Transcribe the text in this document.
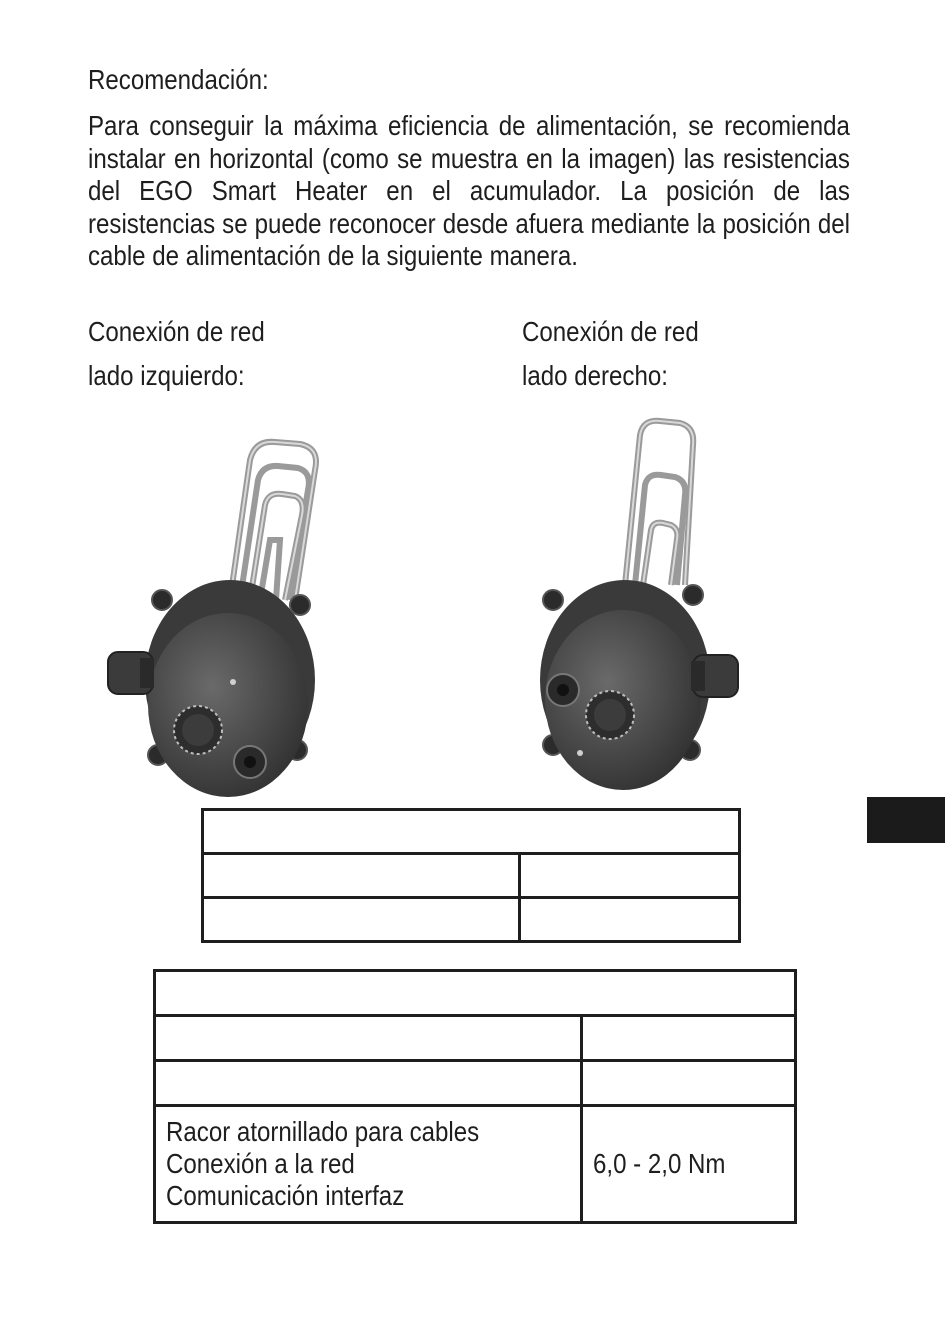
Recomendación:
Para conseguir la máxima eficiencia de alimentación, se recomienda instalar en horizontal (como se muestra en la imagen) las resistencias del EGO Smart Heater en el acumulador. La posición de las resistencias se puede reconocer desde afuera mediante la posición del cable de alimentación de la siguiente manera.
Conexión de red
lado izquierdo:
Conexión de red
lado derecho:

Racor atornillado para cables
Conexión a la red
Comunicación interfaz	6,0 - 2,0 Nm
